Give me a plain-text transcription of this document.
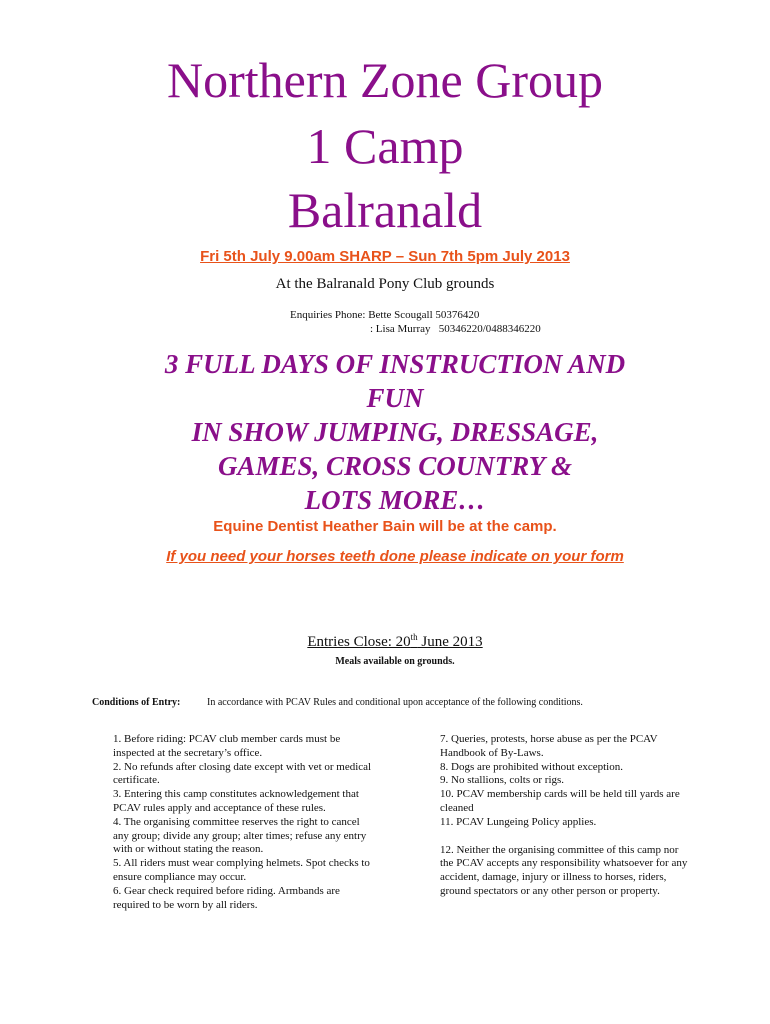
Northern Zone Group
1 Camp
Balranald
Fri 5th July 9.00am SHARP – Sun 7th 5pm July 2013
At the Balranald Pony Club grounds
Enquiries Phone: Bette Scougall 50376420
: Lisa Murray   50346220/0488346220
3 FULL DAYS OF INSTRUCTION AND
FUN
IN SHOW JUMPING, DRESSAGE,
GAMES, CROSS COUNTRY &
LOTS MORE…
Equine Dentist Heather Bain will be at the camp.
If you need your horses teeth done please indicate on your form
Entries Close: 20th June 2013
Meals available on grounds.
Conditions of Entry:	In accordance with PCAV Rules and conditional upon acceptance of the following conditions.

1. Before riding: PCAV club member cards must be inspected at the secretary’s office.

2. No refunds after closing date except with vet or medical certificate.

3. Entering this camp constitutes acknowledgement that PCAV rules apply and acceptance of these rules.

4. The organising committee reserves the right to cancel any group; divide any group; alter times; refuse any entry with or without stating the reason.

5. All riders must wear complying helmets. Spot checks to ensure compliance may occur.

6. Gear check required before riding. Armbands are required to be worn by all riders.

7. Queries, protests, horse abuse as per the PCAV Handbook of By-Laws.

8. Dogs are prohibited without exception.

9. No stallions, colts or rigs.

10. PCAV membership cards will be held till yards are cleaned

11. PCAV Lungeing Policy applies.

12. Neither the organising committee of this camp nor the PCAV accepts any responsibility whatsoever for any accident, damage, injury or illness to horses, riders, ground spectators or any other person or property.
